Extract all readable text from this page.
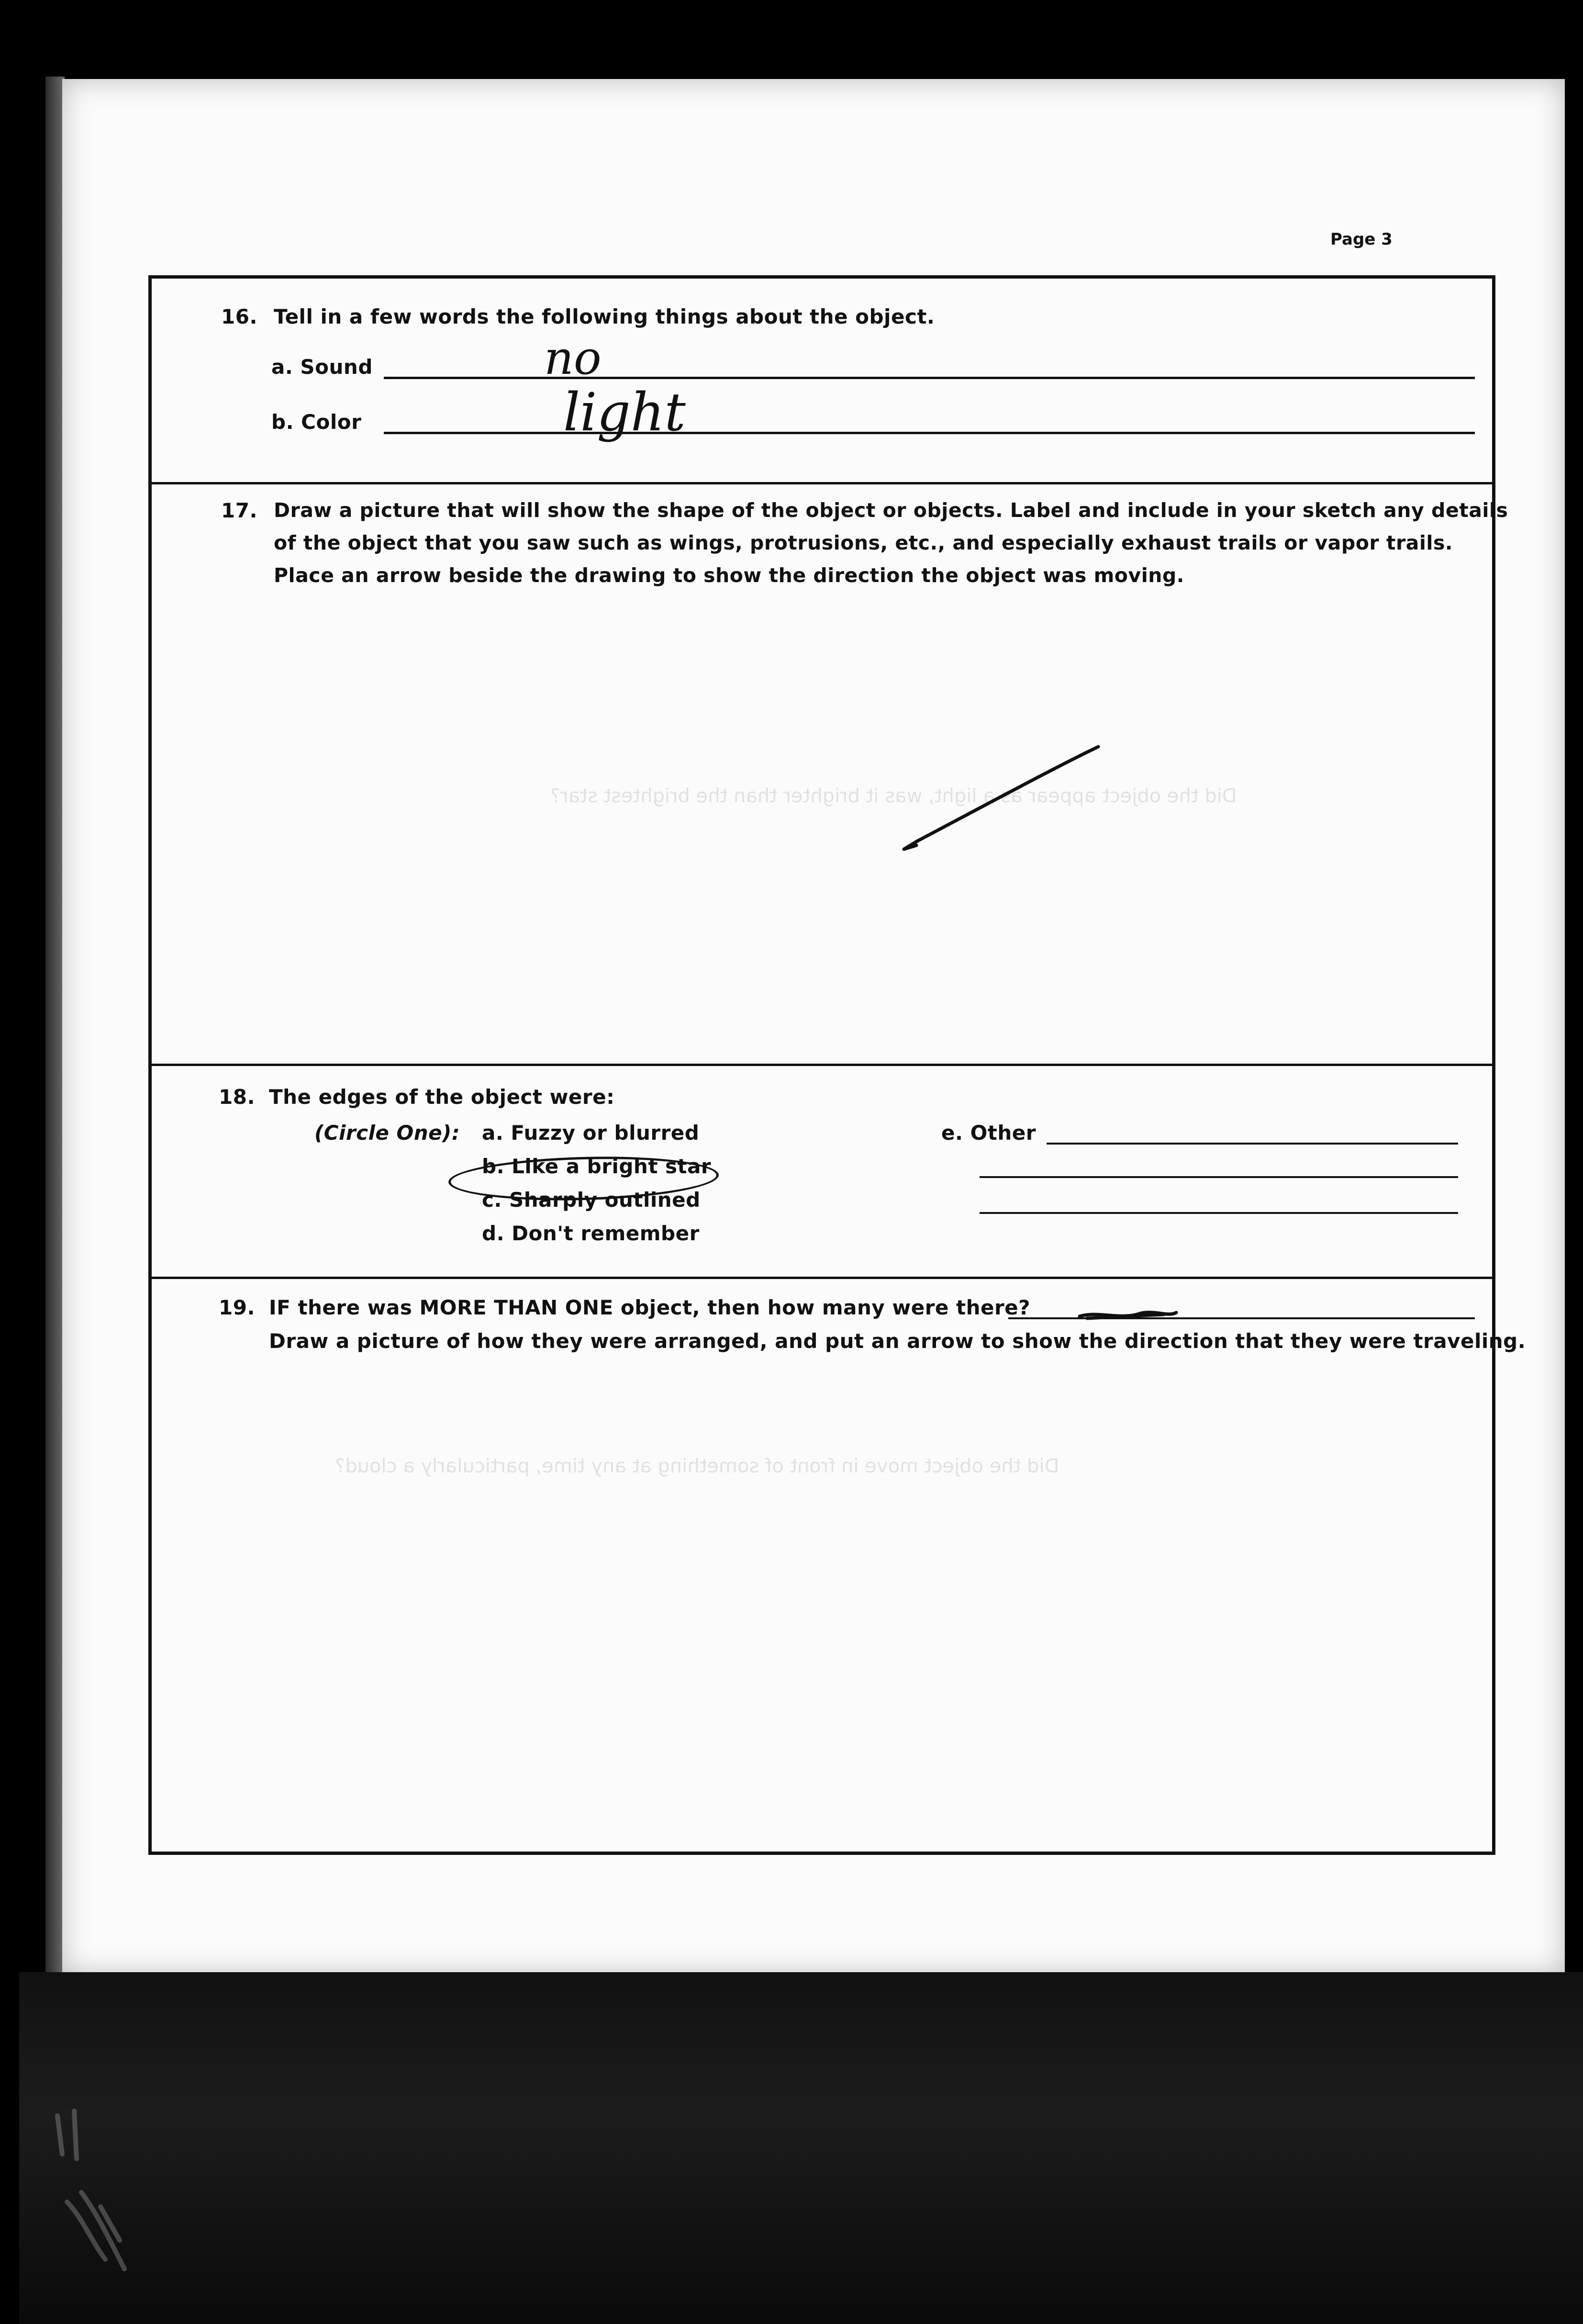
Did the object move in front of something at any time, particularly a cloud?
Did the object appear as a light, was it brighter than the brightest star?
Page 3
16. Tell in a few words the following things about the object.
a. Sound	no
b. Color	light
17. Draw a picture that will show the shape of the object or objects. Label and include in your sketch any details
of the object that you saw such as wings, protrusions, etc., and especially exhaust trails or vapor trails.
Place an arrow beside the drawing to show the direction the object was moving.
18. The edges of the object were:
(Circle One): a. Fuzzy or blurred
b. Like a bright star
c. Sharply outlined
d. Don't remember
e. Other
19. IF there was MORE THAN ONE object, then how many were there?
Draw a picture of how they were arranged, and put an arrow to show the direction that they were traveling.
